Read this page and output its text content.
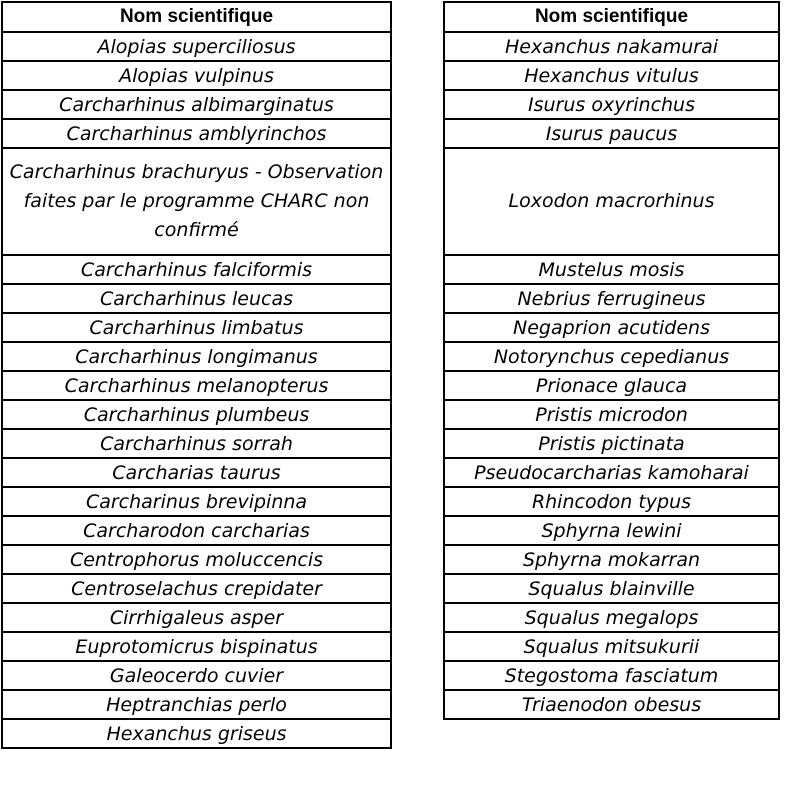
Nom scientifique
Alopias superciliosus
Alopias vulpinus
Carcharhinus albimarginatus
Carcharhinus amblyrinchos
Carcharhinus brachuryus - Observation faites par le programme CHARC non confirmé
Carcharhinus falciformis
Carcharhinus leucas
Carcharhinus limbatus
Carcharhinus longimanus
Carcharhinus melanopterus
Carcharhinus plumbeus
Carcharhinus sorrah
Carcharias taurus
Carcharinus brevipinna
Carcharodon carcharias
Centrophorus moluccencis
Centroselachus crepidater
Cirrhigaleus asper
Euprotomicrus bispinatus
Galeocerdo cuvier
Heptranchias perlo
Hexanchus griseus
Nom scientifique
Hexanchus nakamurai
Hexanchus vitulus
Isurus oxyrinchus
Isurus paucus
Loxodon macrorhinus
Mustelus mosis
Nebrius ferrugineus
Negaprion acutidens
Notorynchus cepedianus
Prionace glauca
Pristis microdon
Pristis pictinata
Pseudocarcharias kamoharai
Rhincodon typus
Sphyrna lewini
Sphyrna mokarran
Squalus blainville
Squalus megalops
Squalus mitsukurii
Stegostoma fasciatum
Triaenodon obesus
